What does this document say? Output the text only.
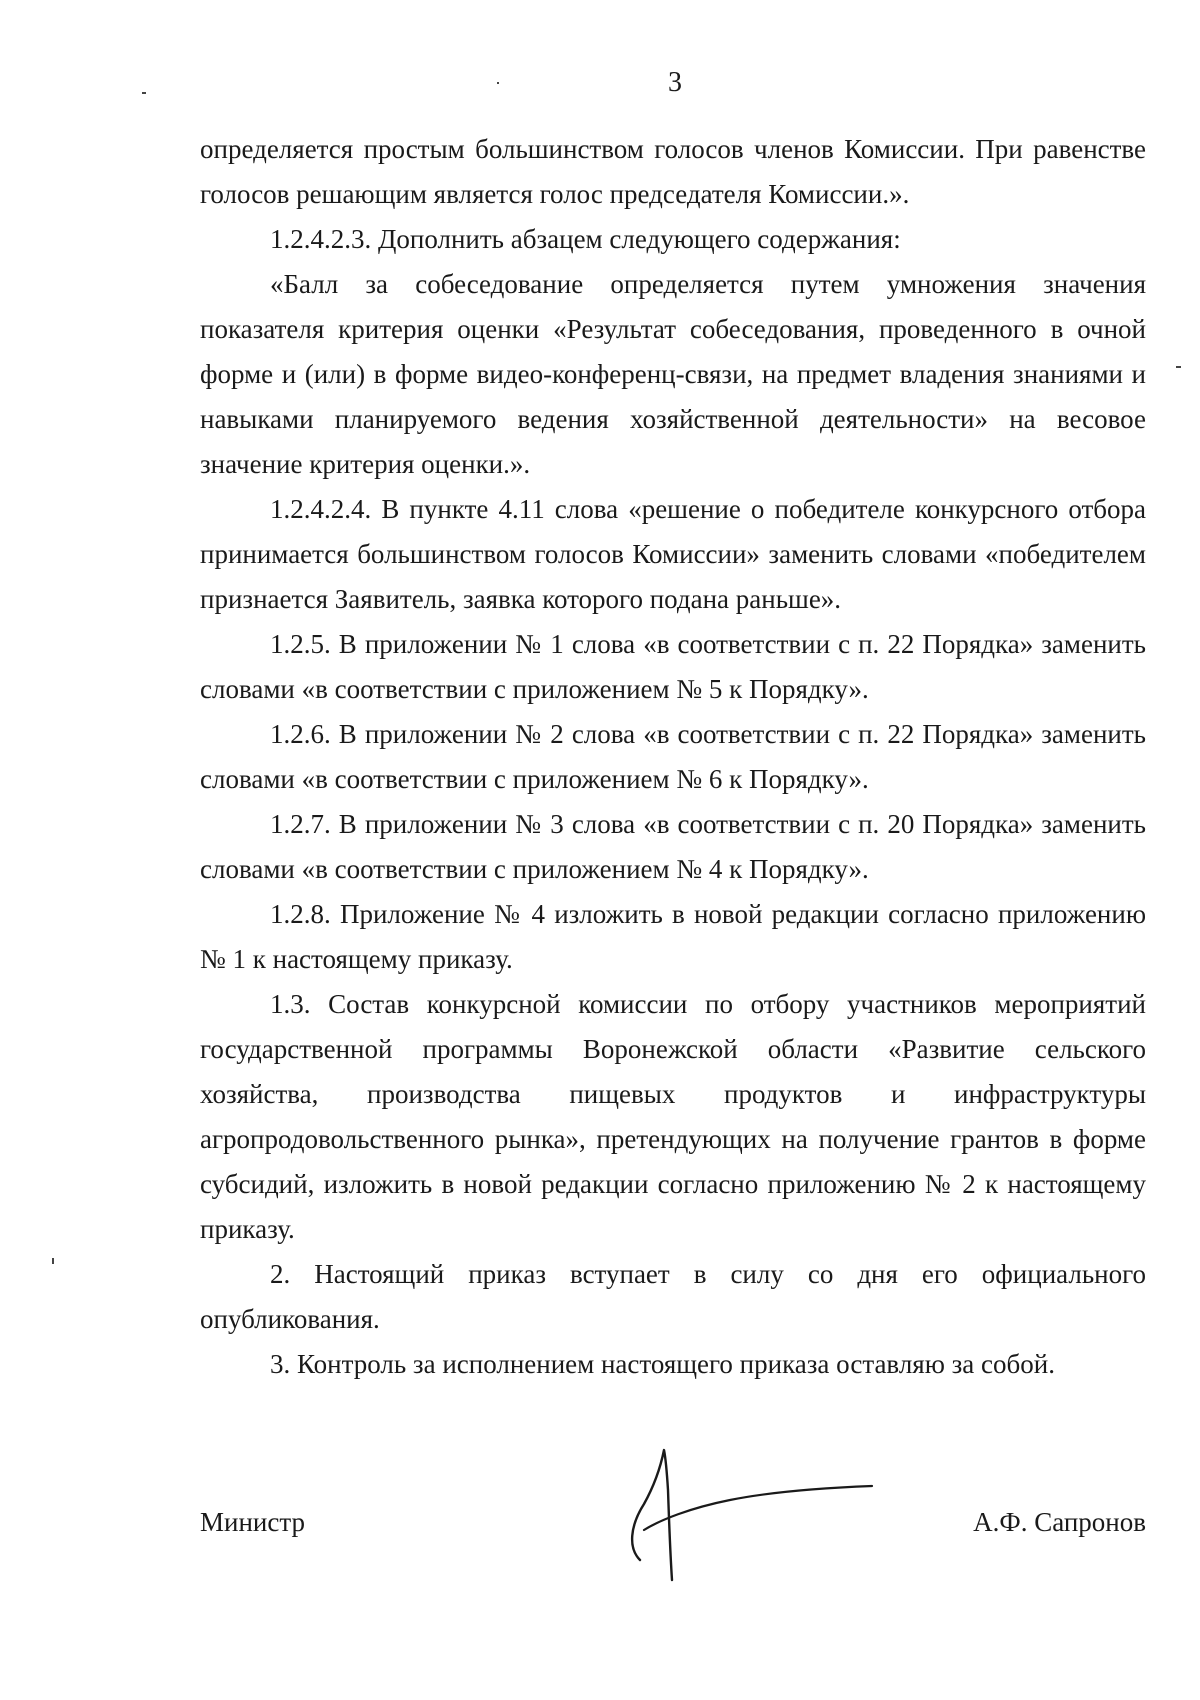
3

определяется простым большинством голосов членов Комиссии. При равенстве голосов решающим является голос председателя Комиссии.».

1.2.4.2.3. Дополнить абзацем следующего содержания:

«Балл за собеседование определяется путем умножения значения показателя критерия оценки «Результат собеседования, проведенного в очной форме и (или) в форме видео-конференц-связи, на предмет владения знаниями и навыками планируемого ведения хозяйственной деятельности» на весовое значение критерия оценки.».

1.2.4.2.4. В пункте 4.11 слова «решение о победителе конкурсного отбора принимается большинством голосов Комиссии» заменить словами «победителем признается Заявитель, заявка которого подана раньше».

1.2.5. В приложении № 1 слова «в соответствии с п. 22 Порядка» заменить словами «в соответствии с приложением № 5 к Порядку».

1.2.6. В приложении № 2 слова «в соответствии с п. 22 Порядка» заменить словами «в соответствии с приложением № 6 к Порядку».

1.2.7. В приложении № 3 слова «в соответствии с п. 20 Порядка» заменить словами «в соответствии с приложением № 4 к Порядку».

1.2.8. Приложение № 4 изложить в новой редакции согласно приложению № 1 к настоящему приказу.

1.3. Состав конкурсной комиссии по отбору участников мероприятий государственной программы Воронежской области «Развитие сельского хозяйства, производства пищевых продуктов и инфраструктуры агропродовольственного рынка», претендующих на получение грантов в форме субсидий, изложить в новой редакции согласно приложению № 2 к настоящему приказу.

2. Настоящий приказ вступает в силу со дня его официального опубликования.

3. Контроль за исполнением настоящего приказа оставляю за собой.

Министр	А.Ф. Сапронов
